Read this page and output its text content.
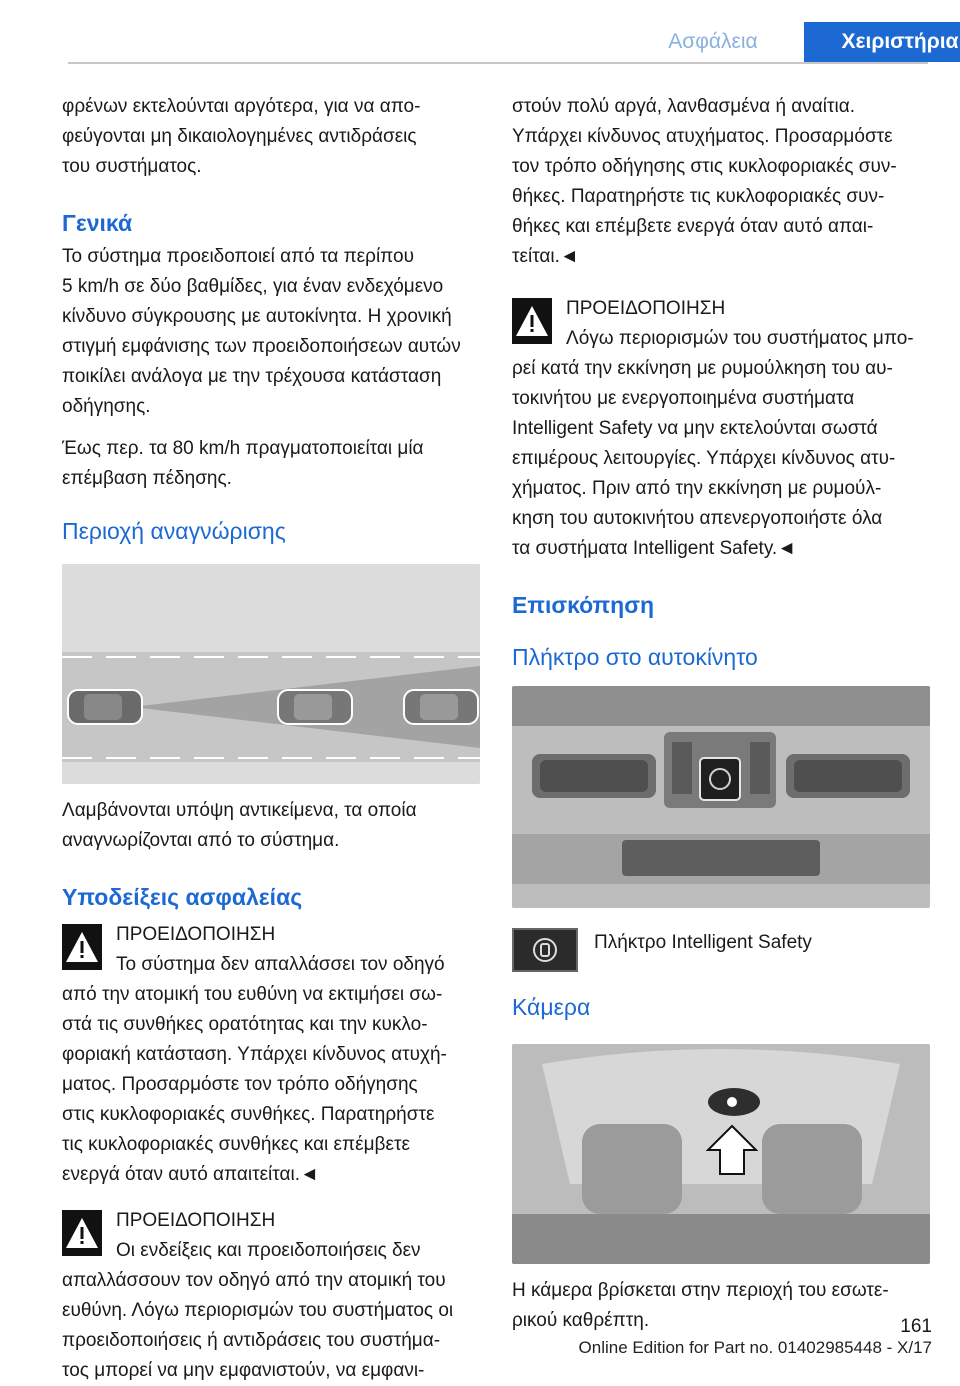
Ασφάλεια	Χειριστήρια

φρένων εκτελούνται αργότερα, για να απο-
φεύγονται μη δικαιολογημένες αντιδράσεις
του συστήματος.

Γενικά

Το σύστημα προειδοποιεί από τα περίπου
5 km/h σε δύο βαθμίδες, για έναν ενδεχόμενο
κίνδυνο σύγκρουσης με αυτοκίνητα. Η χρονική
στιγμή εμφάνισης των προειδοποιήσεων αυτών
ποικίλει ανάλογα με την τρέχουσα κατάσταση
οδήγησης.

Έως περ. τα 80 km/h πραγματοποιείται μία
επέμβαση πέδησης.

Περιοχή αναγνώρισης

Λαμβάνονται υπόψη αντικείμενα, τα οποία
αναγνωρίζονται από το σύστημα.

Υποδείξεις ασφαλείας

ΠΡΟΕΙΔΟΠΟΙΗΣΗ

Το σύστημα δεν απαλλάσσει τον οδηγό

από την ατομική του ευθύνη να εκτιμήσει σω-
στά τις συνθήκες ορατότητας και την κυκλο-
φοριακή κατάσταση. Υπάρχει κίνδυνος ατυχή-
ματος. Προσαρμόστε τον τρόπο οδήγησης
στις κυκλοφοριακές συνθήκες. Παρατηρήστε
τις κυκλοφοριακές συνθήκες και επέμβετε
ενεργά όταν αυτό απαιτείται.◄

ΠΡΟΕΙΔΟΠΟΙΗΣΗ

Οι ενδείξεις και προειδοποιήσεις δεν

απαλλάσσουν τον οδηγό από την ατομική του
ευθύνη. Λόγω περιορισμών του συστήματος οι
προειδοποιήσεις ή αντιδράσεις του συστήμα-
τος μπορεί να μην εμφανιστούν, να εμφανι-

στούν πολύ αργά, λανθασμένα ή αναίτια.
Υπάρχει κίνδυνος ατυχήματος. Προσαρμόστε
τον τρόπο οδήγησης στις κυκλοφοριακές συν-
θήκες. Παρατηρήστε τις κυκλοφοριακές συν-
θήκες και επέμβετε ενεργά όταν αυτό απαι-
τείται.◄

ΠΡΟΕΙΔΟΠΟΙΗΣΗ

Λόγω περιορισμών του συστήματος μπο-

ρεί κατά την εκκίνηση με ρυμούλκηση του αυ-
τοκινήτου με ενεργοποιημένα συστήματα
Intelligent Safety να μην εκτελούνται σωστά
επιμέρους λειτουργίες. Υπάρχει κίνδυνος ατυ-
χήματος. Πριν από την εκκίνηση με ρυμούλ-
κηση του αυτοκινήτου απενεργοποιήστε όλα
τα συστήματα Intelligent Safety.◄

Επισκόπηση
Πλήκτρο στο αυτοκίνητο

Πλήκτρο Intelligent Safety

Κάμερα

Η κάμερα βρίσκεται στην περιοχή του εσωτε-
ρικού καθρέπτη.	161
Online Edition for Part no. 01402985448 - X/17
